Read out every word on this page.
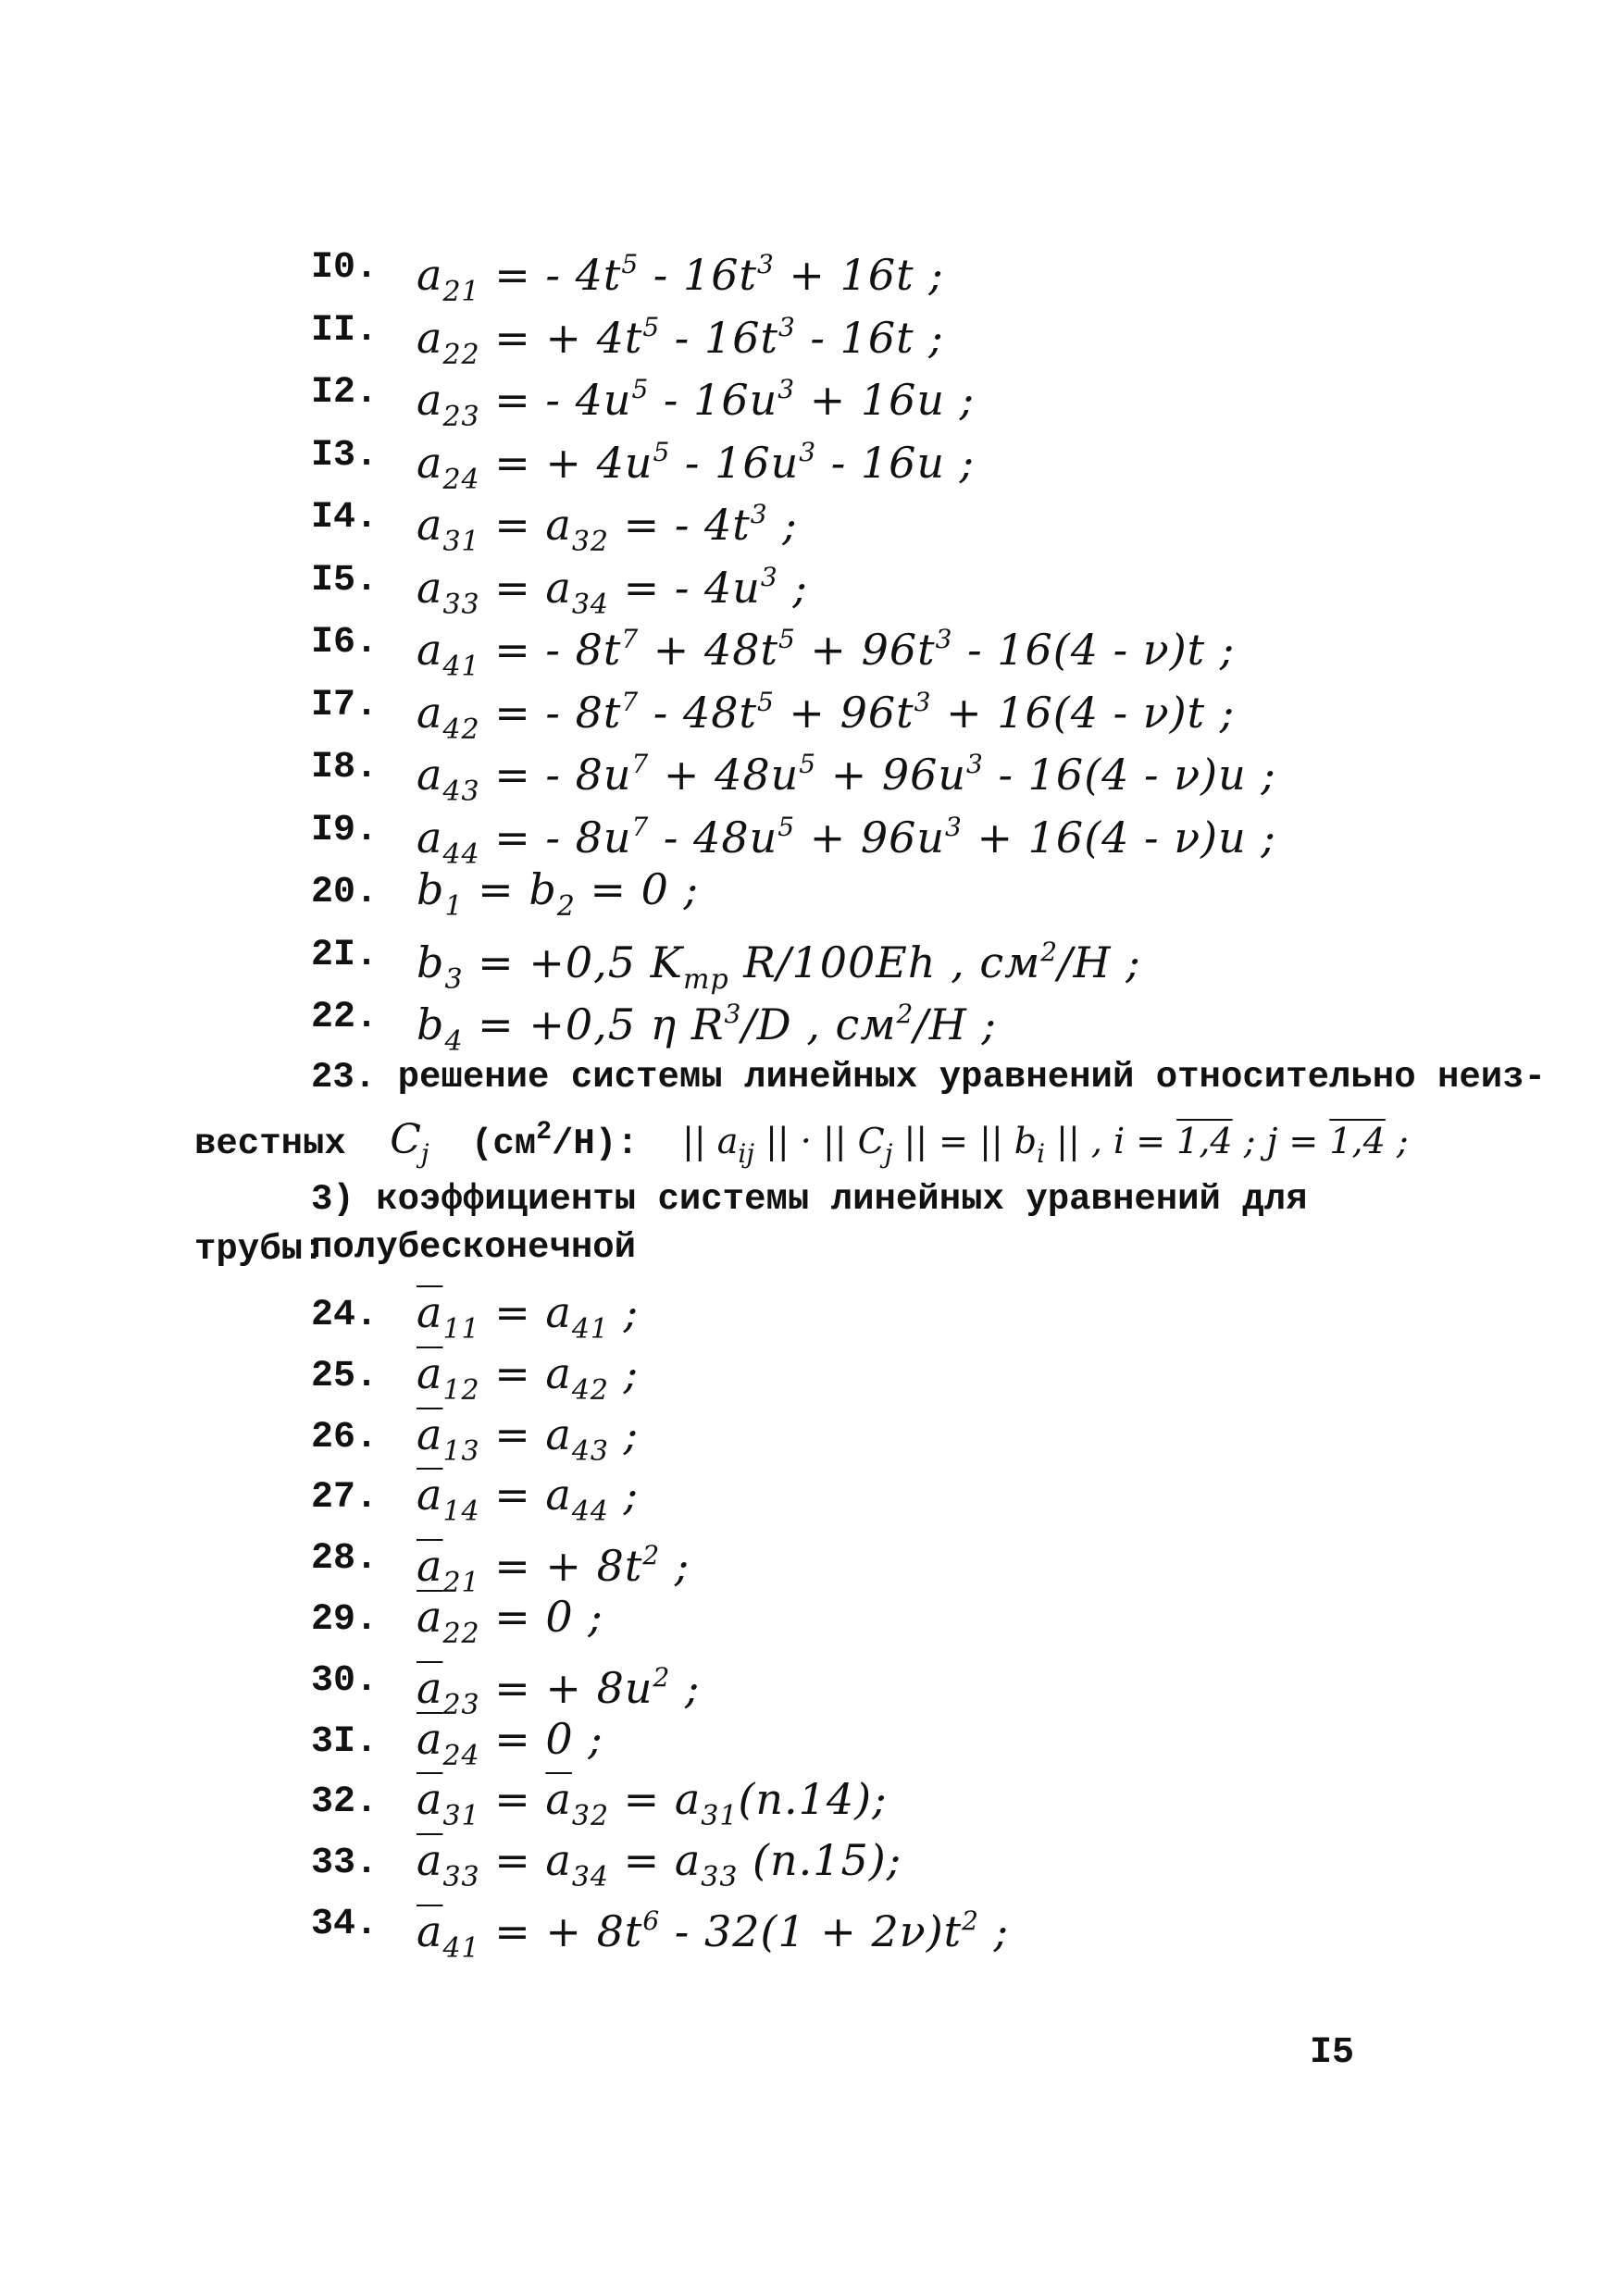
I0. $a_{21}$ = - $4t^5 - 16t^3 + 16t$ ;
II. $a_{22}$ = + $4t^5 - 16t^3 - 16t$ ;
I2. $a_{23}$ = - $4u^5 - 16u^3 + 16u$ ;
I3. $a_{24}$ = + $4u^5 - 16u^3 - 16u$ ;
I4. $a_{31} = a_{32}$ = - $4t^3$ ;
I5. $a_{33} = a_{34}$ = - $4u^3$ ;
I6. $a_{41}$ = - $8t^7 + 48t^5 + 96t^3 - 16(4 - \nu)t$ ;
I7. $a_{42}$ = - $8t^7 - 48t^5 + 96t^3 + 16(4 - \nu)t$ ;
I8. $a_{43}$ = - $8u^7 + 48u^5 + 96u^3 - 16(4 - \nu)u$ ;
I9. $a_{44}$ = - $8u^7 - 48u^5 + 96u^3 + 16(4 - \nu)u$ ;
20. $b_1 = b_2 = 0$ ;
2I. $b_3 = +0,5$ $K_{тр}$ R/100Eh , $см^2/Н$ ;
22. $b_4 = +0,5$ η $R^3/D$ , $см^2/Н$ ;
23. решение системы линейных уравнений относительно неиз-
вестных $C_j$ $(см^2/Н)$: || $a_{ij}$ || · || $C_j$ || = || $b_i$ || , i = 1,4 ; j = 1,4 ;
3) коэффициенты системы линейных уравнений для полубесконечной
трубы:
24. $\overline{a}_{11} = a_{41}$ ;
25. $\overline{a}_{12} = a_{42}$ ;
26. $\overline{a}_{13} = a_{43}$ ;
27. $\overline{a}_{14} = a_{44}$ ;
28. $\overline{a}_{21}$ = + $8t^2$ ;
29. $\overline{a}_{22} = 0$ ;
30. $\overline{a}_{23}$ = + $8u^2$ ;
3I. $\overline{a}_{24} = 0$ ;
32. $\overline{a}_{31} = \overline{a}_{32} = a_{31}(п.14)$;
33. $\overline{a}_{33} = a_{34} = a_{33}$ (п.15);
34. $\overline{a}_{41}$ = + $8t^6 - 32(1 + 2\nu)t^2$ ;
I5
